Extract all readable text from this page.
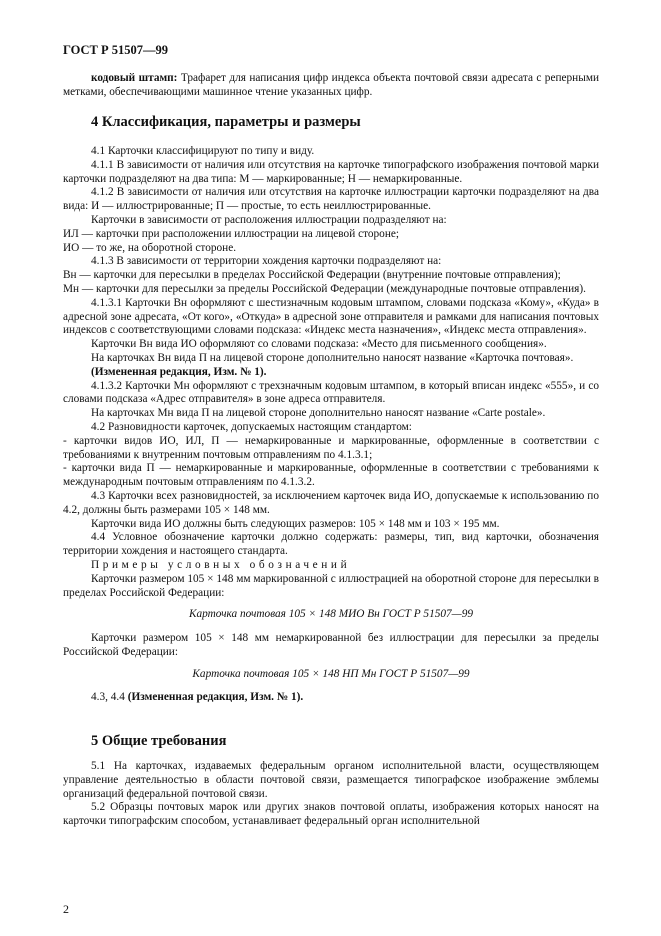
ГОСТ Р 51507—99

кодовый штамп: Трафарет для написания цифр индекса объекта почтовой связи адресата с реперными метками, обеспечивающими машинное чтение указанных цифр.

4 Классификация, параметры и размеры

4.1 Карточки классифицируют по типу и виду.

4.1.1 В зависимости от наличия или отсутствия на карточке типографского изображения почтовой марки карточки подразделяют на два типа: М — маркированные; Н — немаркированные.

4.1.2 В зависимости от наличия или отсутствия на карточке иллюстрации карточки подразделяют на два вида: И — иллюстрированные; П — простые, то есть неиллюстрированные.

Карточки в зависимости от расположения иллюстрации подразделяют на:

ИЛ — карточки при расположении иллюстрации на лицевой стороне;

ИО — то же, на оборотной стороне.

4.1.3 В зависимости от территории хождения карточки подразделяют на:

Вн — карточки для пересылки в пределах Российской Федерации (внутренние почтовые отправления);

Мн — карточки для пересылки за пределы Российской Федерации (международные почтовые отправления).

4.1.3.1 Карточки Вн оформляют с шестизначным кодовым штампом, словами подсказа «Кому», «Куда» в адресной зоне адресата, «От кого», «Откуда» в адресной зоне отправителя и рамками для написания почтовых индексов с соответствующими словами подсказа: «Индекс места назначения», «Индекс места отправления».

Карточки Вн вида ИО оформляют со словами подсказа: «Место для письменного сообщения».

На карточках Вн вида П на лицевой стороне дополнительно наносят название «Карточка почтовая».

(Измененная редакция, Изм. № 1).

4.1.3.2 Карточки Мн оформляют с трехзначным кодовым штампом, в который вписан индекс «555», и со словами подсказа «Адрес отправителя» в зоне адреса отправителя.

На карточках Мн вида П на лицевой стороне дополнительно наносят название «Carte postale».

4.2 Разновидности карточек, допускаемых настоящим стандартом:

- карточки видов ИО, ИЛ, П — немаркированные и маркированные, оформленные в соответствии с требованиями к внутренним почтовым отправлениям по 4.1.3.1;

- карточки вида П — немаркированные и маркированные, оформленные в соответствии с требованиями к международным почтовым отправлениям по 4.1.3.2.

4.3 Карточки всех разновидностей, за исключением карточек вида ИО, допускаемые к использованию по 4.2, должны быть размерами 105 × 148 мм.

Карточки вида ИО должны быть следующих размеров: 105 × 148 мм и 103 × 195 мм.

4.4 Условное обозначение карточки должно содержать: размеры, тип, вид карточки, обозначения территории хождения и настоящего стандарта.

Примеры условных обозначений

Карточки размером 105 × 148 мм маркированной с иллюстрацией на оборотной стороне для пересылки в пределах Российской Федерации:

Карточка почтовая 105 × 148 МИО Вн ГОСТ Р 51507—99

Карточки размером 105 × 148 мм немаркированной без иллюстрации для пересылки за пределы Российской Федерации:

Карточка почтовая 105 × 148 НП Мн ГОСТ Р 51507—99

4.3, 4.4 (Измененная редакция, Изм. № 1).

5 Общие требования

5.1 На карточках, издаваемых федеральным органом исполнительной власти, осуществляющем управление деятельностью в области почтовой связи, размещается типографское изображение эмблемы организаций федеральной почтовой связи.

5.2 Образцы почтовых марок или других знаков почтовой оплаты, изображения которых наносят на карточки типографским способом, устанавливает федеральный орган исполнительной

2
